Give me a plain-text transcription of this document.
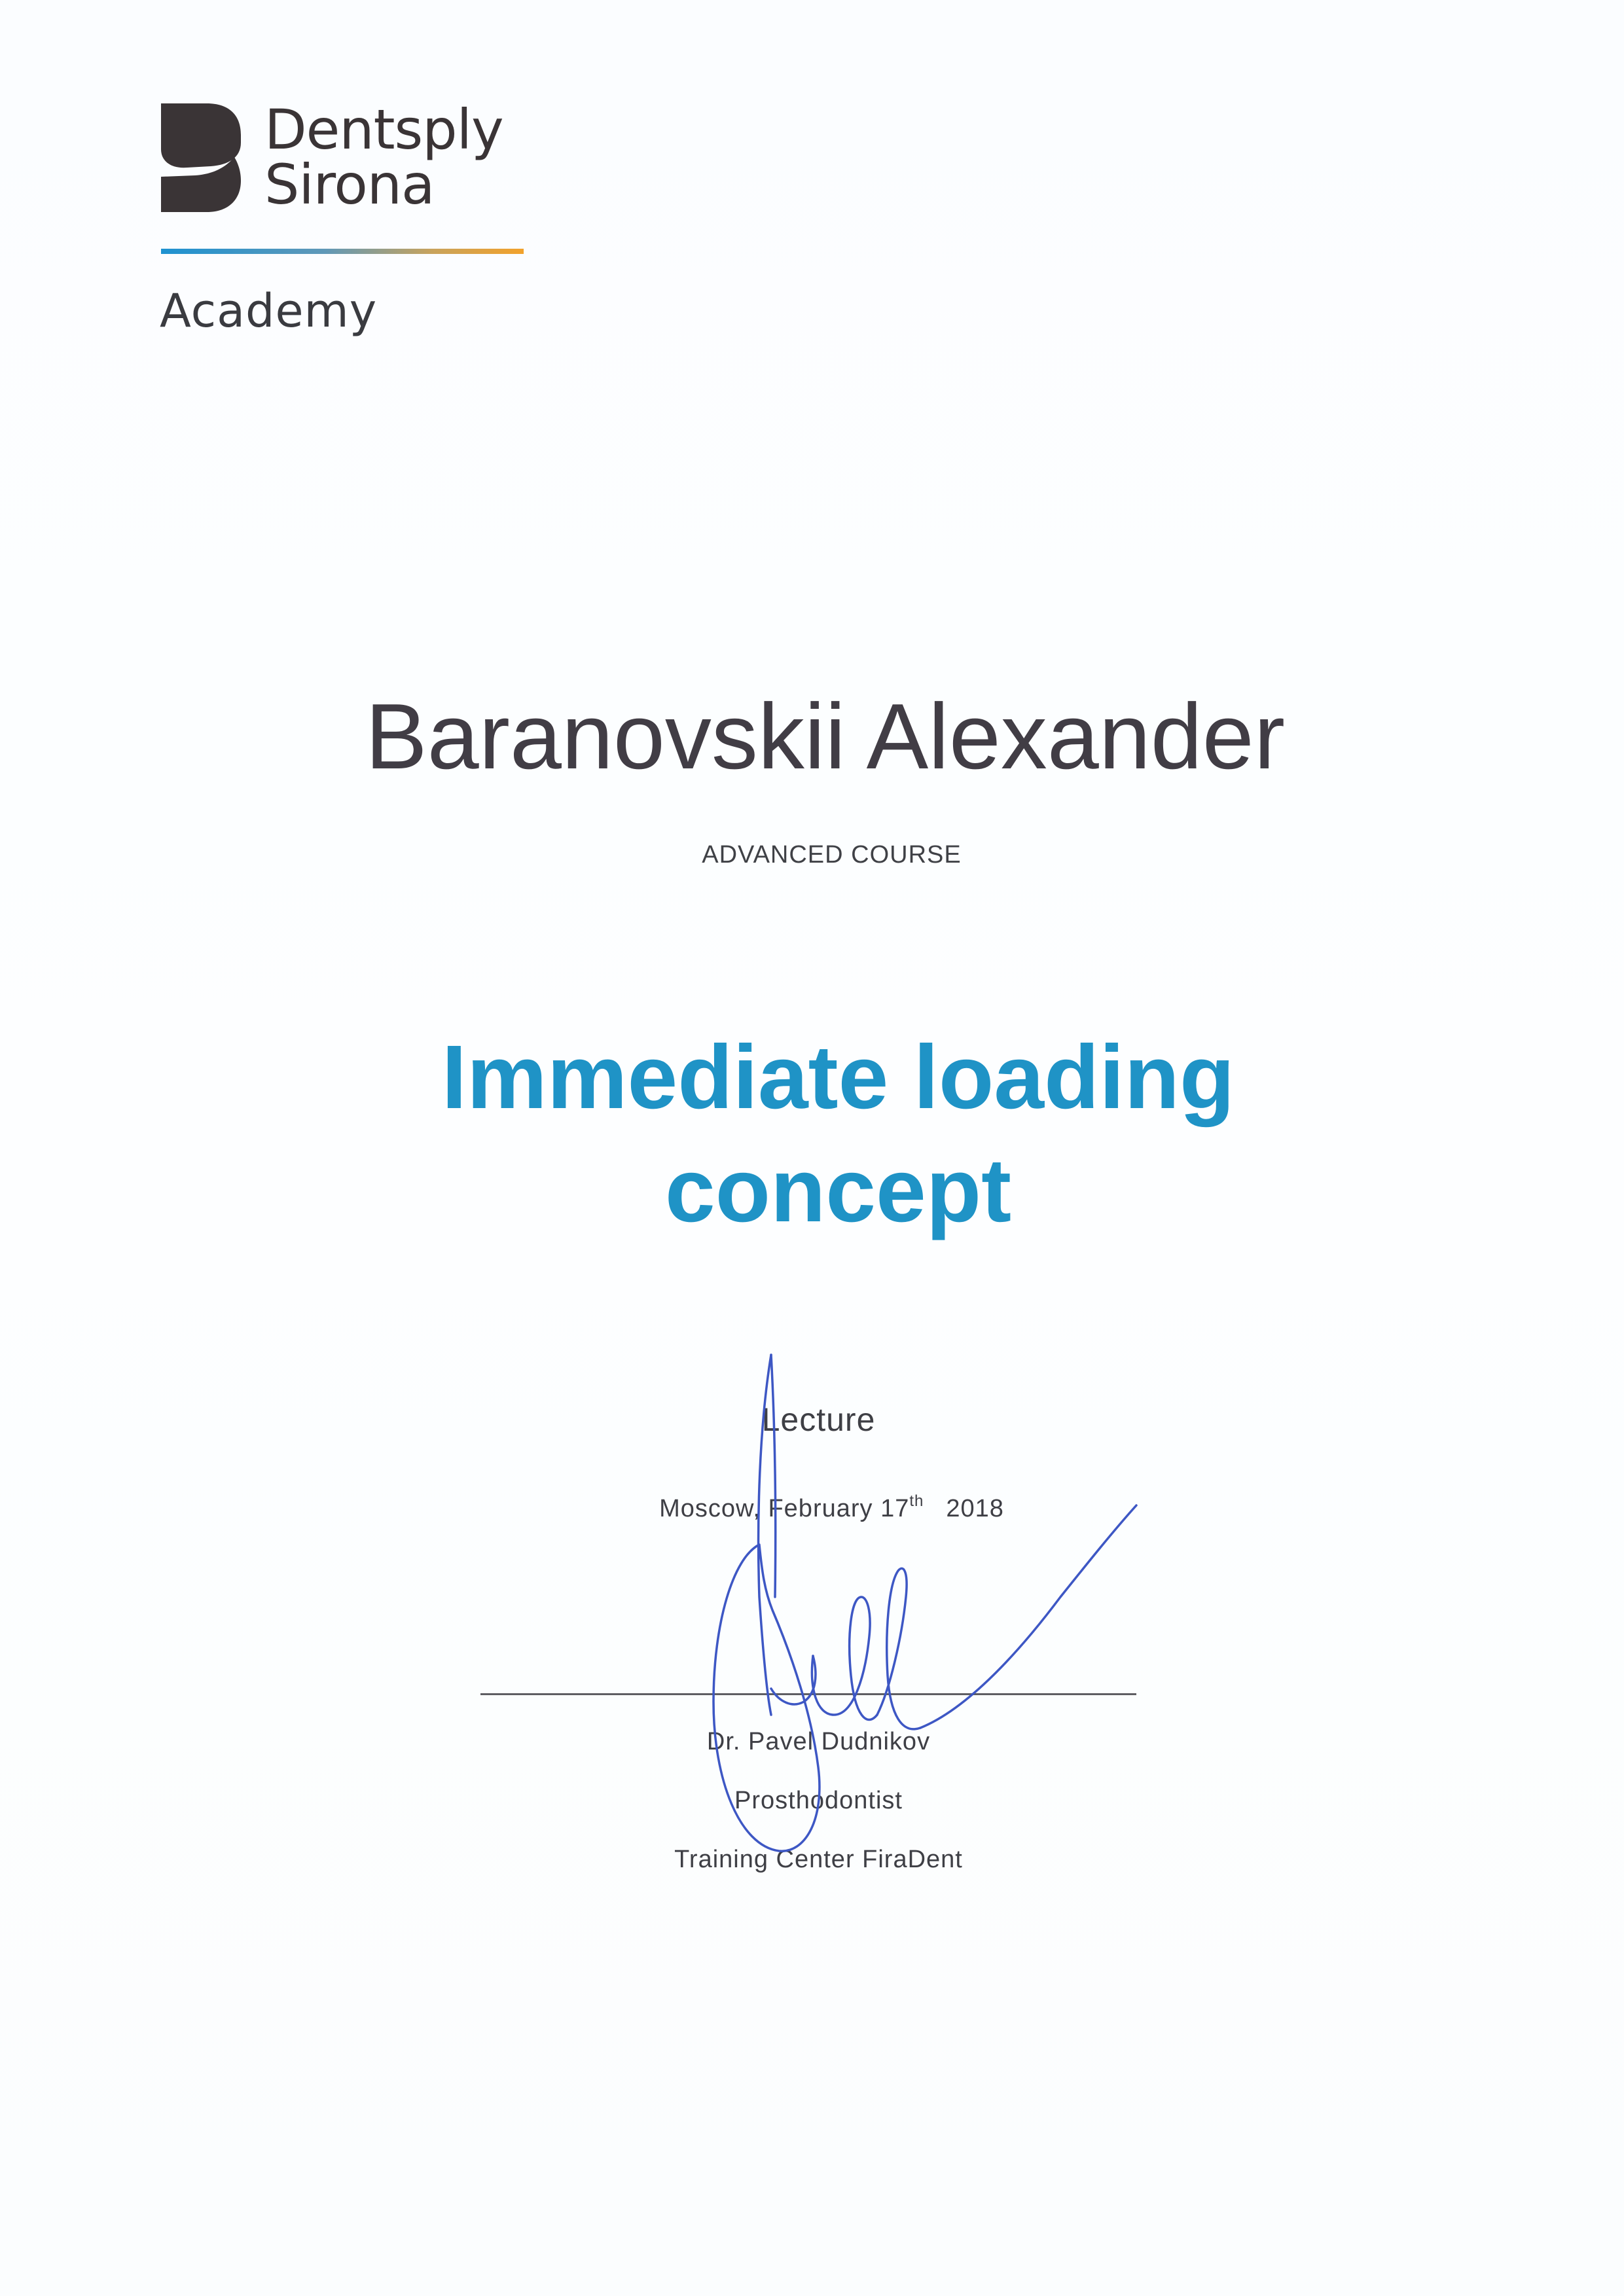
Dentsply
Sirona
Academy
Baranovskii Alexander
ADVANCED COURSE
Immediate loading
concept
Lecture
Moscow, February 17th 2018
Dr. Pavel Dudnikov
Prosthodontist
Training Center FiraDent
